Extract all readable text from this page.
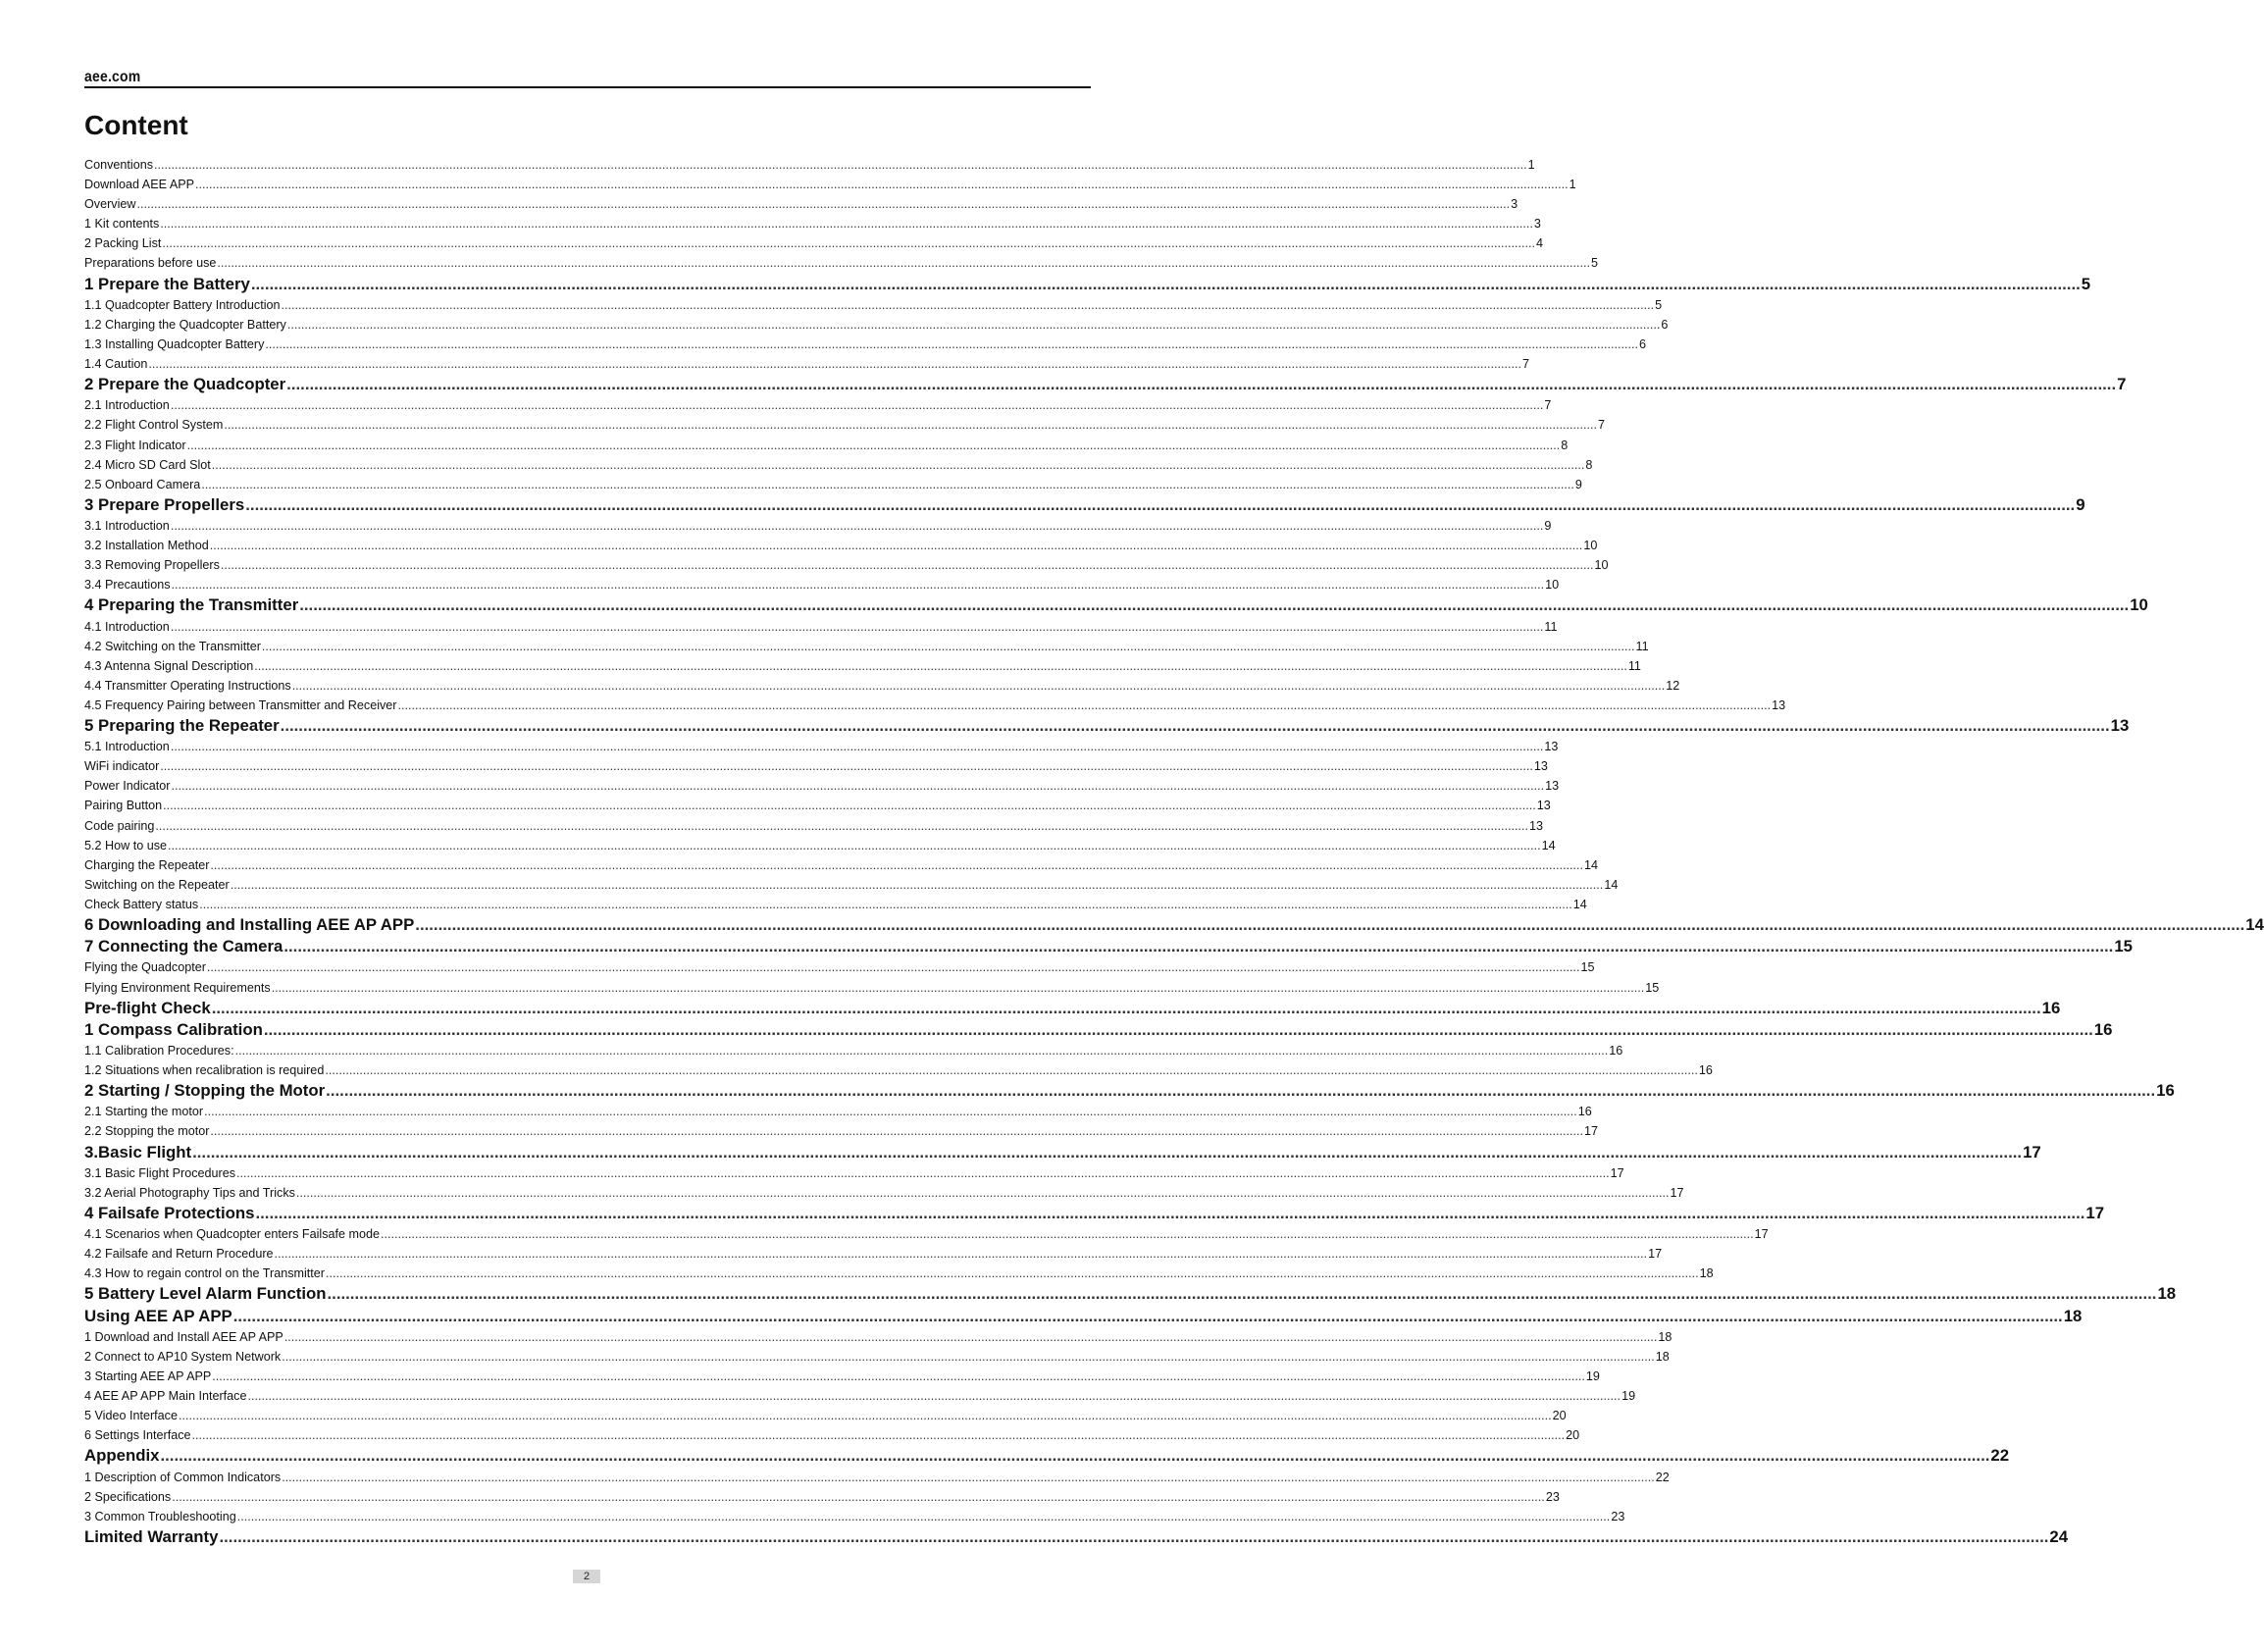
aee.com
Content
Conventions ................................................................................................................................................................................................................................................................................................................................................................................................................ 1
Download AEE APP ................................................................................................................................................................................................................................................................................................................................................................................................................ 1
Overview ................................................................................................................................................................................................................................................................................................................................................................................................................ 3
1 Kit contents ................................................................................................................................................................................................................................................................................................................................................................................................................ 3
2 Packing List ................................................................................................................................................................................................................................................................................................................................................................................................................ 4
Preparations before use ................................................................................................................................................................................................................................................................................................................................................................................................................ 5
1 Prepare the Battery ................................................................................................................................................................................................................................................................................................................................................................................................................ 5
1.1 Quadcopter Battery Introduction ................................................................................................................................................................................................................................................................................................................................................................................................................ 5
1.2 Charging the Quadcopter Battery ................................................................................................................................................................................................................................................................................................................................................................................................................ 6
1.3 Installing Quadcopter Battery ................................................................................................................................................................................................................................................................................................................................................................................................................ 6
1.4 Caution ................................................................................................................................................................................................................................................................................................................................................................................................................ 7
2 Prepare the Quadcopter ................................................................................................................................................................................................................................................................................................................................................................................................................ 7
2.1 Introduction ................................................................................................................................................................................................................................................................................................................................................................................................................ 7
2.2 Flight Control System ................................................................................................................................................................................................................................................................................................................................................................................................................ 7
2.3 Flight Indicator ................................................................................................................................................................................................................................................................................................................................................................................................................ 8
2.4 Micro SD Card Slot ................................................................................................................................................................................................................................................................................................................................................................................................................ 8
2.5 Onboard Camera ................................................................................................................................................................................................................................................................................................................................................................................................................ 9
3 Prepare Propellers ................................................................................................................................................................................................................................................................................................................................................................................................................ 9
3.1 Introduction ................................................................................................................................................................................................................................................................................................................................................................................................................ 9
3.2 Installation Method ................................................................................................................................................................................................................................................................................................................................................................................................................ 10
3.3 Removing Propellers ................................................................................................................................................................................................................................................................................................................................................................................................................ 10
3.4 Precautions ................................................................................................................................................................................................................................................................................................................................................................................................................ 10
4 Preparing the Transmitter ................................................................................................................................................................................................................................................................................................................................................................................................................ 10
4.1 Introduction ................................................................................................................................................................................................................................................................................................................................................................................................................ 11
4.2 Switching on the Transmitter ................................................................................................................................................................................................................................................................................................................................................................................................................ 11
4.3 Antenna Signal Description ................................................................................................................................................................................................................................................................................................................................................................................................................ 11
4.4 Transmitter Operating Instructions ................................................................................................................................................................................................................................................................................................................................................................................................................ 12
4.5 Frequency Pairing between Transmitter and Receiver ................................................................................................................................................................................................................................................................................................................................................................................................................ 13
5 Preparing the Repeater ................................................................................................................................................................................................................................................................................................................................................................................................................ 13
5.1 Introduction ................................................................................................................................................................................................................................................................................................................................................................................................................ 13
WiFi indicator ................................................................................................................................................................................................................................................................................................................................................................................................................ 13
Power Indicator ................................................................................................................................................................................................................................................................................................................................................................................................................ 13
Pairing Button ................................................................................................................................................................................................................................................................................................................................................................................................................ 13
Code pairing ................................................................................................................................................................................................................................................................................................................................................................................................................ 13
5.2 How to use ................................................................................................................................................................................................................................................................................................................................................................................................................ 14
Charging the Repeater ................................................................................................................................................................................................................................................................................................................................................................................................................ 14
Switching on the Repeater ................................................................................................................................................................................................................................................................................................................................................................................................................ 14
Check Battery status ................................................................................................................................................................................................................................................................................................................................................................................................................ 14
6 Downloading and Installing AEE AP APP ................................................................................................................................................................................................................................................................................................................................................................................................................ 14
7 Connecting the Camera ................................................................................................................................................................................................................................................................................................................................................................................................................ 15
Flying the Quadcopter ................................................................................................................................................................................................................................................................................................................................................................................................................ 15
Flying Environment Requirements ................................................................................................................................................................................................................................................................................................................................................................................................................ 15
Pre-flight Check ................................................................................................................................................................................................................................................................................................................................................................................................................ 16
1 Compass Calibration ................................................................................................................................................................................................................................................................................................................................................................................................................ 16
1.1 Calibration Procedures: ................................................................................................................................................................................................................................................................................................................................................................................................................ 16
1.2 Situations when recalibration is required ................................................................................................................................................................................................................................................................................................................................................................................................................ 16
2 Starting / Stopping the Motor ................................................................................................................................................................................................................................................................................................................................................................................................................ 16
2.1 Starting the motor ................................................................................................................................................................................................................................................................................................................................................................................................................ 16
2.2 Stopping the motor ................................................................................................................................................................................................................................................................................................................................................................................................................ 17
3.Basic Flight ................................................................................................................................................................................................................................................................................................................................................................................................................ 17
3.1 Basic Flight Procedures ................................................................................................................................................................................................................................................................................................................................................................................................................ 17
3.2 Aerial Photography Tips and Tricks ................................................................................................................................................................................................................................................................................................................................................................................................................ 17
4 Failsafe Protections ................................................................................................................................................................................................................................................................................................................................................................................................................ 17
4.1 Scenarios when Quadcopter enters Failsafe mode ................................................................................................................................................................................................................................................................................................................................................................................................................ 17
4.2 Failsafe and Return Procedure ................................................................................................................................................................................................................................................................................................................................................................................................................ 17
4.3 How to regain control on the Transmitter ................................................................................................................................................................................................................................................................................................................................................................................................................ 18
5 Battery Level Alarm Function ................................................................................................................................................................................................................................................................................................................................................................................................................ 18
Using AEE AP APP ................................................................................................................................................................................................................................................................................................................................................................................................................ 18
1 Download and Install AEE AP APP ................................................................................................................................................................................................................................................................................................................................................................................................................ 18
2 Connect to AP10 System Network ................................................................................................................................................................................................................................................................................................................................................................................................................ 18
3 Starting AEE AP APP ................................................................................................................................................................................................................................................................................................................................................................................................................ 19
4 AEE AP APP Main Interface ................................................................................................................................................................................................................................................................................................................................................................................................................ 19
5 Video Interface ................................................................................................................................................................................................................................................................................................................................................................................................................ 20
6 Settings Interface ................................................................................................................................................................................................................................................................................................................................................................................................................ 20
Appendix ................................................................................................................................................................................................................................................................................................................................................................................................................ 22
1 Description of Common Indicators ................................................................................................................................................................................................................................................................................................................................................................................................................ 22
2 Specifications ................................................................................................................................................................................................................................................................................................................................................................................................................ 23
3 Common Troubleshooting ................................................................................................................................................................................................................................................................................................................................................................................................................ 23
Limited Warranty ................................................................................................................................................................................................................................................................................................................................................................................................................ 24
2
